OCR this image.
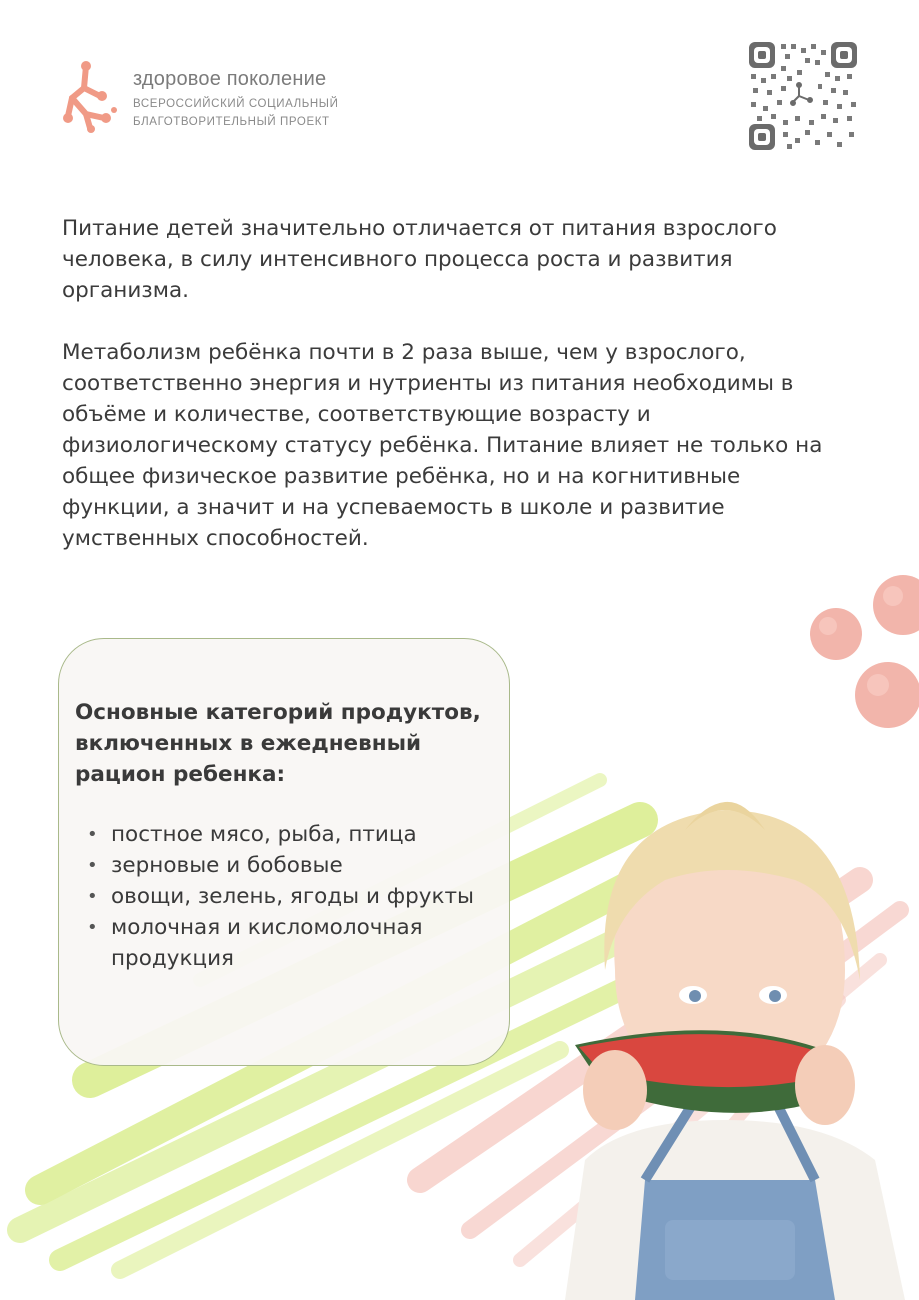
здоровое поколение
ВСЕРОССИЙСКИЙ СОЦИАЛЬНЫЙ
БЛАГОТВОРИТЕЛЬНЫЙ ПРОЕКТ

Питание детей значительно отличается от питания взрослого человека, в силу интенсивного процесса роста и развития организма.

Метаболизм ребёнка почти в 2 раза выше, чем у взрослого, соответственно энергия и нутриенты из питания необходимы в объёме и количестве, соответствующие возрасту и физиологическому статусу ребёнка. Питание влияет не только на общее физическое развитие ребёнка, но и на когнитивные функции, а значит и на успеваемость в школе и развитие умственных способностей.

Основные категорий продуктов, включенных в ежедневный рацион ребенка:
• постное мясо, рыба, птица
• зерновые и бобовые
• овощи, зелень, ягоды и фрукты
• молочная и кисломолочная продукция
